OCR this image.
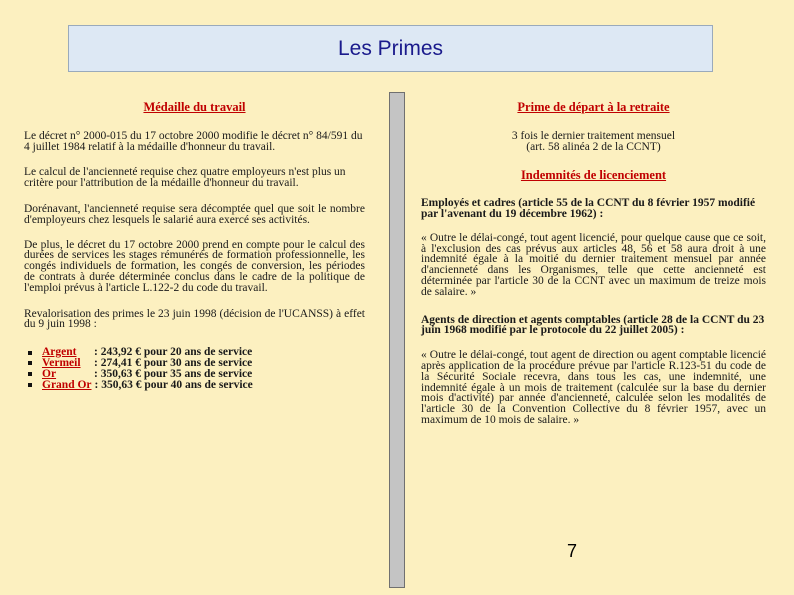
Les Primes
Médaille du travail

Le décret n° 2000-015 du 17 octobre 2000 modifie le décret n° 84/591 du 4 juillet 1984 relatif à la médaille d'honneur du travail.

Le calcul de l'ancienneté requise chez quatre employeurs n'est plus un critère pour l'attribution de la médaille d'honneur du travail.

Dorénavant, l'ancienneté requise sera décomptée quel que soit le nombre d'employeurs chez lesquels le salarié aura exercé ses activités.

De plus, le décret du 17 octobre 2000 prend en compte pour le calcul des durées de services les stages rémunérés de formation professionnelle, les congés individuels de formation, les congés de conversion, les périodes de contrats à durée déterminée conclus dans le cadre de la politique de l'emploi prévus à l'article L.122-2 du code du travail.

Revalorisation des primes le 23 juin 1998 (décision de l'UCANSS) à effet du 9 juin 1998 :

Argent	: 243,92 € pour 20 ans de service
Vermeil	: 274,41 € pour 30 ans de service
Or	: 350,63 € pour 35 ans de service
Grand Or : 350,63 € pour 40 ans de service
Prime de départ à la retraite

3 fois le dernier traitement mensuel

(art. 58 alinéa 2 de la CCNT)

Indemnités de licenciement

Employés et cadres (article 55 de la CCNT du 8 février 1957 modifié par l'avenant du 19 décembre 1962) :

« Outre le délai-congé, tout agent licencié, pour quelque cause que ce soit, à l'exclusion des cas prévus aux articles 48, 56 et 58 aura droit à une indemnité égale à la moitié du dernier traitement mensuel par année d'ancienneté dans les Organismes, telle que cette ancienneté est déterminée par l'article 30 de la CCNT avec un maximum de treize mois de salaire. »

Agents de direction et agents comptables (article 28 de la CCNT du 23 juin 1968 modifié par le protocole du 22 juillet 2005) :

« Outre le délai-congé, tout agent de direction ou agent comptable licencié après application de la procédure prévue par l'article R.123-51 du code de la Sécurité Sociale recevra, dans tous les cas, une indemnité, une indemnité égale à un mois de traitement (calculée sur la base du dernier mois d'activité) par année d'ancienneté, calculée selon les modalités de l'article 30 de la Convention Collective du 8 février 1957, avec un maximum de 10 mois de salaire. »

7
